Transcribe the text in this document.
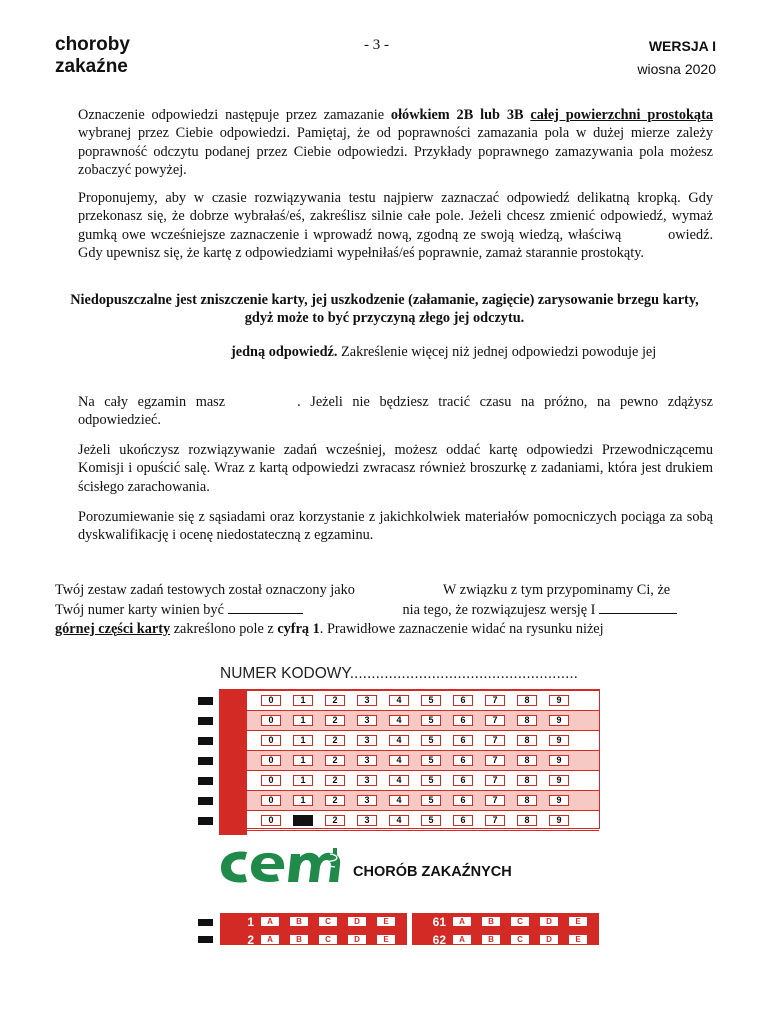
choroby
zakaźne
- 3 -	WERSJA I
wiosna 2020
Oznaczenie odpowiedzi następuje przez zamazanie ołówkiem 2B lub 3B całej powierzchni prostokąta wybranej przez Ciebie odpowiedzi. Pamiętaj, że od poprawności zamazania pola w dużej mierze zależy poprawność odczytu podanej przez Ciebie odpowiedzi. Przykłady poprawnego zamazywania pola możesz zobaczyć powyżej.
Proponujemy, aby w czasie rozwiązywania testu najpierw zaznaczać odpowiedź delikatną kropką. Gdy przekonasz się, że dobrze wybrałaś/eś, zakreślisz silnie całe pole. Jeżeli chcesz zmienić odpowiedź, wymaż gumką owe wcześniejsze zaznaczenie i wprowadź nową, zgodną ze swoją wiedzą, właściwą	owiedź. Gdy upewnisz się, że kartę z odpowiedziami wypełniłaś/eś poprawnie, zamaż starannie prostokąty.
Niedopuszczalne jest zniszczenie karty, jej uszkodzenie (załamanie, zagięcie) zarysowanie brzegu karty, gdyż może to być przyczyną złego jej odczytu.
jedną odpowiedź. Zakreślenie więcej niż jednej odpowiedzi powoduje jej
Na cały egzamin masz	. Jeżeli nie będziesz tracić czasu na próżno, na pewno zdążysz odpowiedzieć.
Jeżeli ukończysz rozwiązywanie zadań wcześniej, możesz oddać kartę odpowiedzi Przewodniczącemu Komisji i opuścić salę. Wraz z kartą odpowiedzi zwracasz również broszurkę z zadaniami, która jest drukiem ścisłego zarachowania.
Porozumiewanie się z sąsiadami oraz korzystanie z jakichkolwiek materiałów pomocniczych pociąga za sobą dyskwalifikację i ocenę niedostateczną z egzaminu.
Twój zestaw zadań testowych został oznaczony jako	W związku z tym przypominamy Ci, że
Twój numer karty winien być	nia tego, że rozwiązujesz wersję I
górnej części karty zakreślono pole z cyfrą 1. Prawidłowe zaznaczenie widać na rysunku niżej
NUMER KODOWY.....................................................
0	1	2	3	4	5	6	7	8	9
0	1	2	3	4	5	6	7	8	9
0	1	2	3	4	5	6	7	8	9
0	1	2	3	4	5	6	7	8	9
0	1	2	3	4	5	6	7	8	9
0	1	2	3	4	5	6	7	8	9
0	1	2	3	4	5	6	7	8	9
CHORÓB ZAKAŹNYCH
1	A	B	C	D	E
2	A	B	C	D	E
61	A	B	C	D	E
62	A	B	C	D	E
